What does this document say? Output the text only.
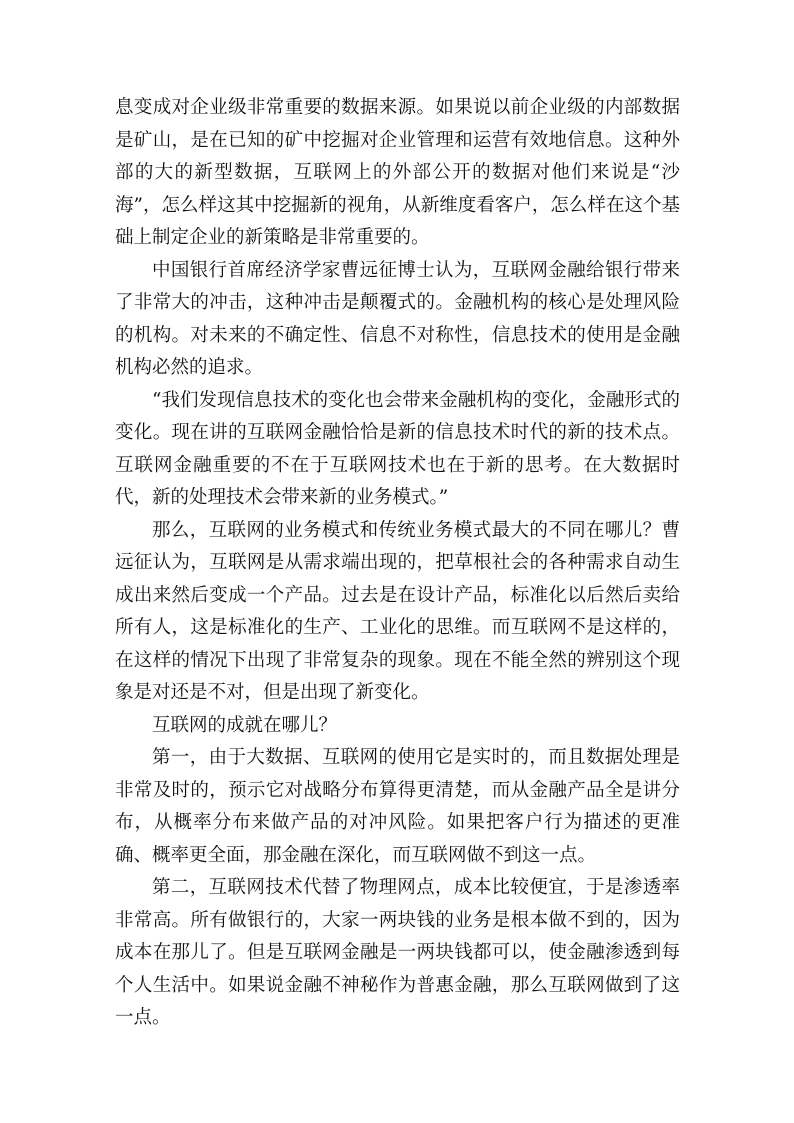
息变成对企业级非常重要的数据来源。如果说以前企业级的内部数据是矿山，是在已知的矿中挖掘对企业管理和运营有效地信息。这种外部的大的新型数据，互联网上的外部公开的数据对他们来说是“沙海”，怎么样这其中挖掘新的视角，从新维度看客户，怎么样在这个基础上制定企业的新策略是非常重要的。

中国银行首席经济学家曹远征博士认为，互联网金融给银行带来了非常大的冲击，这种冲击是颠覆式的。金融机构的核心是处理风险的机构。对未来的不确定性、信息不对称性，信息技术的使用是金融机构必然的追求。

“我们发现信息技术的变化也会带来金融机构的变化，金融形式的变化。现在讲的互联网金融恰恰是新的信息技术时代的新的技术点。 互联网金融重要的不在于互联网技术也在于新的思考。在大数据时代，新的处理技术会带来新的业务模式。”

那么，互联网的业务模式和传统业务模式最大的不同在哪儿？曹远征认为，互联网是从需求端出现的，把草根社会的各种需求自动生成出来然后变成一个产品。过去是在设计产品，标准化以后然后卖给所有人，这是标准化的生产、工业化的思维。而互联网不是这样的，在这样的情况下出现了非常复杂的现象。现在不能全然的辨别这个现象是对还是不对，但是出现了新变化。

互联网的成就在哪儿？

第一，由于大数据、互联网的使用它是实时的，而且数据处理是非常及时的，预示它对战略分布算得更清楚，而从金融产品全是讲分布，从概率分布来做产品的对冲风险。如果把客户行为描述的更准确、概率更全面，那金融在深化，而互联网做不到这一点。

第二，互联网技术代替了物理网点，成本比较便宜，于是渗透率非常高。所有做银行的，大家一两块钱的业务是根本做不到的，因为成本在那儿了。但是互联网金融是一两块钱都可以，使金融渗透到每个人生活中。如果说金融不神秘作为普惠金融，那么互联网做到了这一点。
